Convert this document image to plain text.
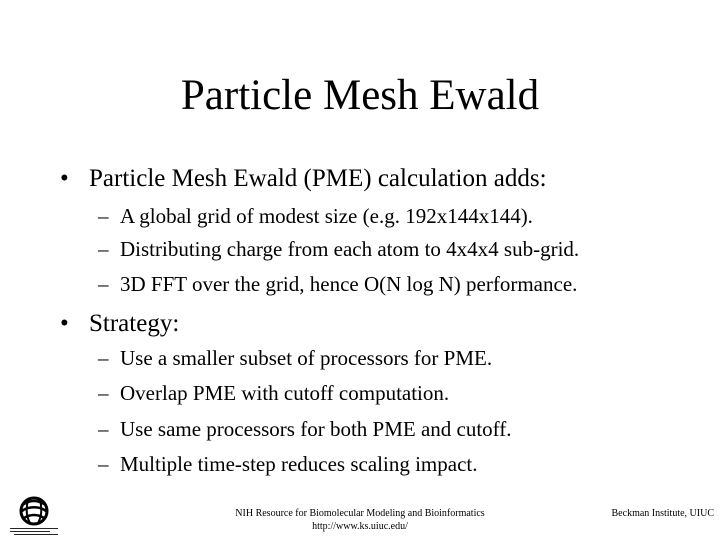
Particle Mesh Ewald
• Particle Mesh Ewald (PME) calculation adds:
– A global grid of modest size (e.g. 192x144x144).
– Distributing charge from each atom to 4x4x4 sub-grid.
– 3D FFT over the grid, hence O(N log N) performance.
• Strategy:
– Use a smaller subset of processors for PME.
– Overlap PME with cutoff computation.
– Use same processors for both PME and cutoff.
– Multiple time-step reduces scaling impact.
NIH Resource for Biomolecular Modeling and Bioinformatics
http://www.ks.uiuc.edu/
Beckman Institute, UIUC
